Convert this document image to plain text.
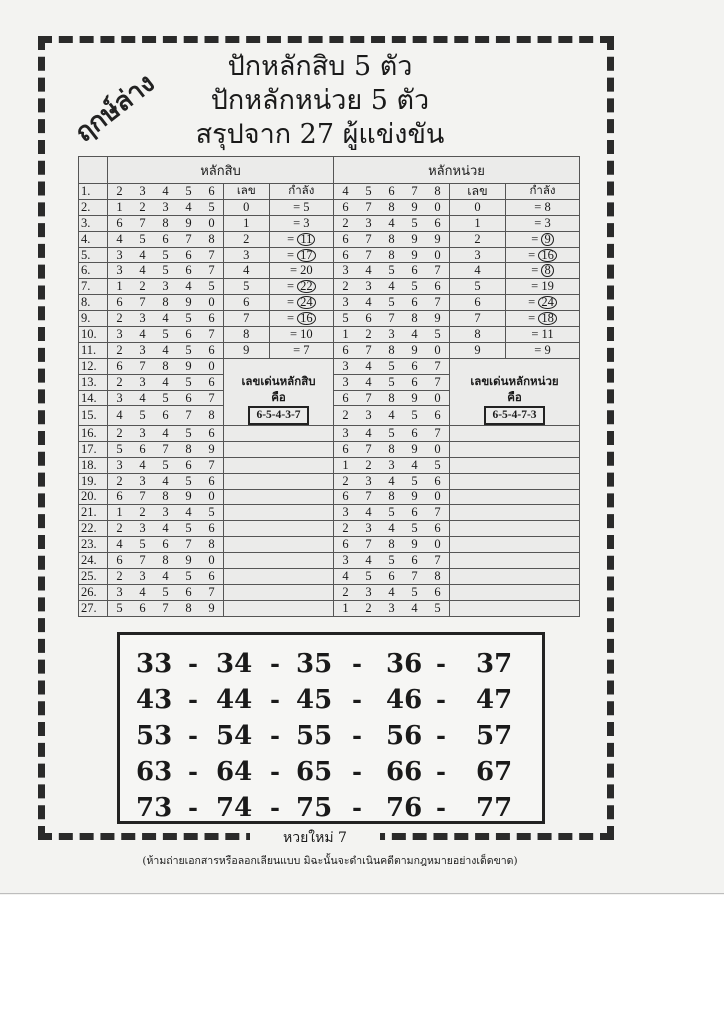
ฤกษ์ล่าง
ปักหลักสิบ 5 ตัว
ปักหลักหน่วย 5 ตัว
สรุปจาก 27 ผู้แข่งขัน
	หลักสิบ							หลักหน่วย						
1.	2	3	4	5	6	เลข	กำลัง	4	5	6	7	8	เลข	กำลัง
2.	1	2	3	4	5	0	= 5	6	7	8	9	0	0	= 8
3.	6	7	8	9	0	1	= 3	2	3	4	5	6	1	= 3
4.	4	5	6	7	8	2	= 11	6	7	8	9	9	2	= 9
5.	3	4	5	6	7	3	= 17	6	7	8	9	0	3	= 16
6.	3	4	5	6	7	4	= 20	3	4	5	6	7	4	= 8
7.	1	2	3	4	5	5	= 22	2	3	4	5	6	5	= 19
8.	6	7	8	9	0	6	= 24	3	4	5	6	7	6	= 24
9.	2	3	4	5	6	7	= 16	5	6	7	8	9	7	= 18
10.	3	4	5	6	7	8	= 10	1	2	3	4	5	8	= 11
11.	2	3	4	5	6	9	= 7	6	7	8	9	0	9	= 9
12.	6	7	8	9	0			3	4	5	6	7		
13.	2	3	4	5	6	เลขเด่นหลักสิบ		3	4	5	6	7	เลขเด่นหลักหน่วย	
14.	3	4	5	6	7	คือ		6	7	8	9	0	คือ	
15.	4	5	6	7	8	6-5-4-3-7		2	3	4	5	6	6-5-4-7-3	
16.	2	3	4	5	6			3	4	5	6	7		
17.	5	6	7	8	9			6	7	8	9	0		
18.	3	4	5	6	7			1	2	3	4	5		
19.	2	3	4	5	6			2	3	4	5	6		
20.	6	7	8	9	0			6	7	8	9	0		
21.	1	2	3	4	5			3	4	5	6	7		
22.	2	3	4	5	6			2	3	4	5	6		
23.	4	5	6	7	8			6	7	8	9	0		
24.	6	7	8	9	0			3	4	5	6	7		
25.	2	3	4	5	6			4	5	6	7	8		
26.	3	4	5	6	7			2	3	4	5	6		
27.	5	6	7	8	9			1	2	3	4	5		
33 34 35 36 37
-	-	-	-
43 44 45 46 47
-	-	-	-
53 54 55 56 57
-	-	-	-
63 64 65 66 67
-	-	-	-
73 74 75 76 77
-	-	-	-
หวยใหม่ 7
(ห้ามถ่ายเอกสารหรือลอกเลียนแบบ มิฉะนั้นจะดำเนินคดีตามกฎหมายอย่างเด็ดขาด)
